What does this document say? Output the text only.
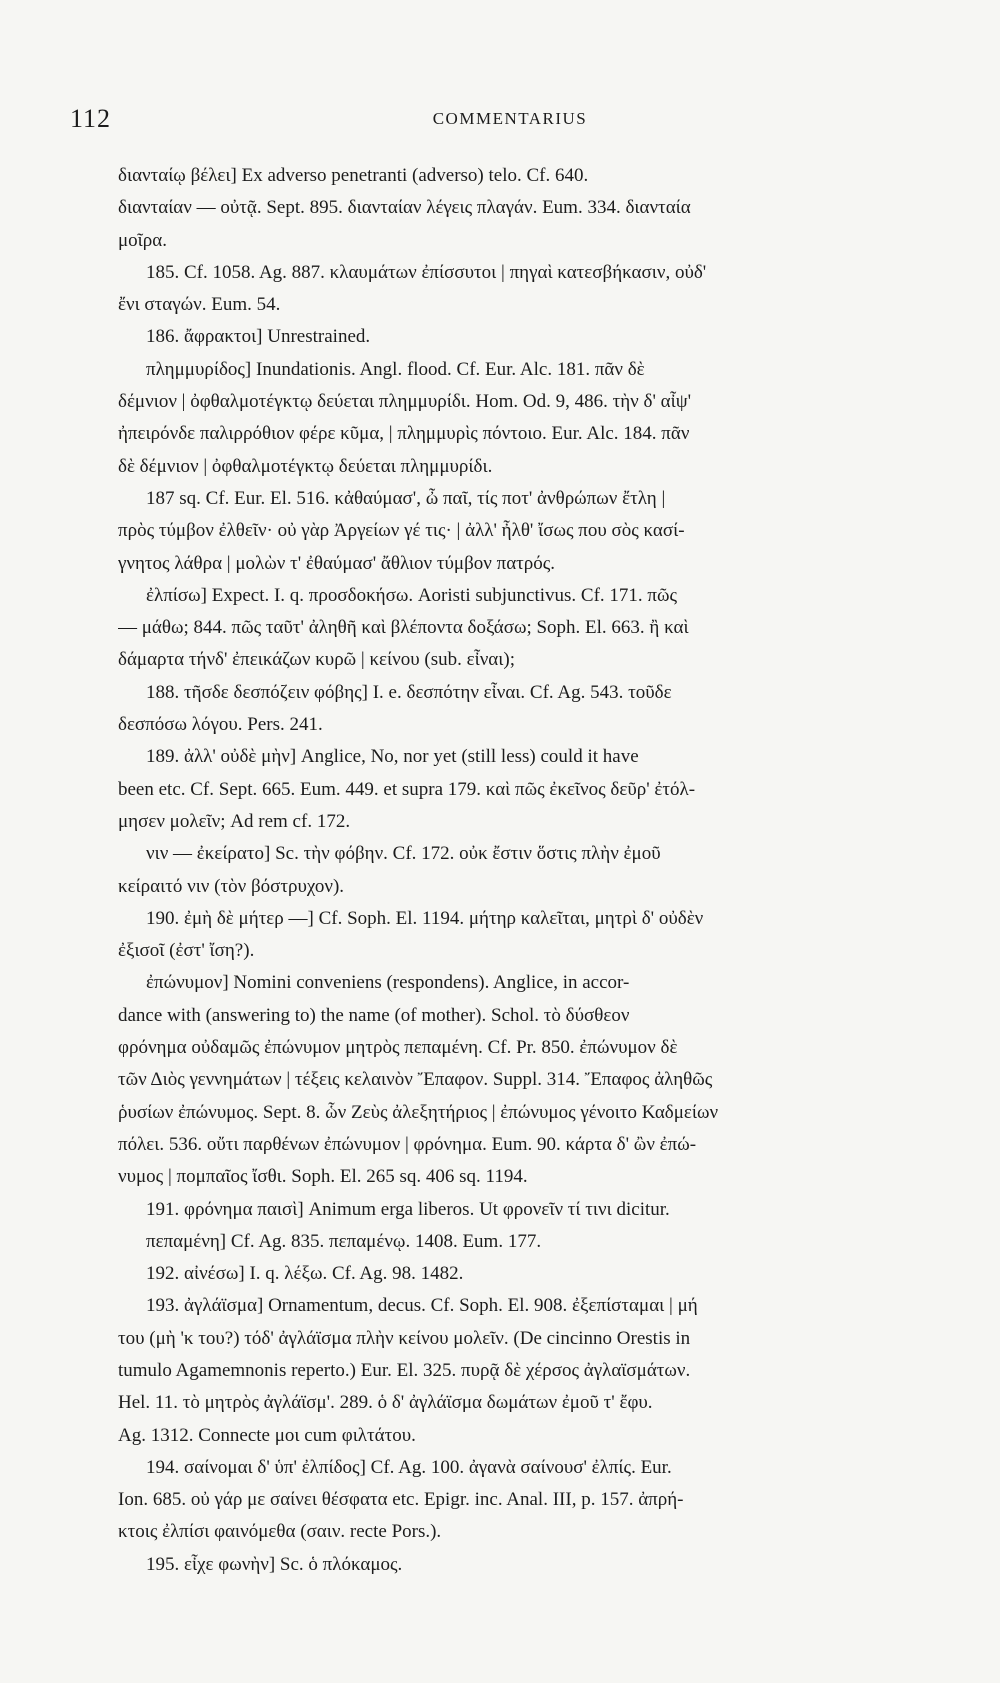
112	COMMENTARIUS
διανταίῳ βέλει] Ex adverso penetranti (adverso) telo. Cf. 640.
διανταίαν — οὐτᾷ. Sept. 895. διανταίαν λέγεις πλαγάν. Eum. 334. διανταία
μοῖρα.
185. Cf. 1058. Ag. 887. κλαυμάτων ἐπίσσυτοι | πηγαὶ κατεσβήκασιν, οὐδ'
ἔνι σταγών. Eum. 54.
186. ἄφρακτοι] Unrestrained.
πλημμυρίδος] Inundationis. Angl. flood. Cf. Eur. Alc. 181. πᾶν δὲ
δέμνιον | ὀφθαλμοτέγκτῳ δεύεται πλημμυρίδι. Hom. Od. 9, 486. τὴν δ' αἶψ'
ἠπειρόνδε παλιρρόθιον φέρε κῦμα, | πλημμυρὶς πόντοιο. Eur. Alc. 184. πᾶν
δὲ δέμνιον | ὀφθαλμοτέγκτῳ δεύεται πλημμυρίδι.
187 sq. Cf. Eur. El. 516. κἀθαύμασ', ὦ παῖ, τίς ποτ' ἀνθρώπων ἔτλη |
πρὸς τύμβον ἐλθεῖν· οὐ γὰρ Ἀργείων γέ τις· | ἀλλ' ἦλθ' ἴσως που σὸς κασί-
γνητος λάθρα | μολὼν τ' ἐθαύμασ' ἄθλιον τύμβον πατρός.
ἐλπίσω] Expect. I. q. προσδοκήσω. Aoristi subjunctivus. Cf. 171. πῶς
— μάθω; 844. πῶς ταῦτ' ἀληθῆ καὶ βλέποντα δοξάσω; Soph. El. 663. ἢ καὶ
δάμαρτα τήνδ' ἐπεικάζων κυρῶ | κείνου (sub. εἶναι);
188. τῆσδε δεσπόζειν φόβης] I. e. δεσπότην εἶναι. Cf. Ag. 543. τοῦδε
δεσπόσω λόγου. Pers. 241.
189. ἀλλ' οὐδὲ μὴν] Anglice, No, nor yet (still less) could it have
been etc. Cf. Sept. 665. Eum. 449. et supra 179. καὶ πῶς ἐκεῖνος δεῦρ' ἐτόλ-
μησεν μολεῖν; Ad rem cf. 172.
νιν — ἐκείρατο] Sc. τὴν φόβην. Cf. 172. οὐκ ἔστιν ὅστις πλὴν ἐμοῦ
κείραιτό νιν (τὸν βόστρυχον).
190. ἐμὴ δὲ μήτερ —] Cf. Soph. El. 1194. μήτηρ καλεῖται, μητρὶ δ' οὐδὲν
ἐξισοῖ (ἐστ' ἴση?).
ἐπώνυμον] Nomini conveniens (respondens). Anglice, in accor-
dance with (answering to) the name (of mother). Schol. τὸ δύσθεον
φρόνημα οὐδαμῶς ἐπώνυμον μητρὸς πεπαμένη. Cf. Pr. 850. ἐπώνυμον δὲ
τῶν Διὸς γεννημάτων | τέξεις κελαινὸν Ἔπαφον. Suppl. 314. Ἔπαφος ἀληθῶς
ῥυσίων ἐπώνυμος. Sept. 8. ὧν Ζεὺς ἀλεξητήριος | ἐπώνυμος γένοιτο Καδμείων
πόλει. 536. οὔτι παρθένων ἐπώνυμον | φρόνημα. Eum. 90. κάρτα δ' ὢν ἐπώ-
νυμος | πομπαῖος ἴσθι. Soph. El. 265 sq. 406 sq. 1194.
191. φρόνημα παισὶ] Animum erga liberos. Ut φρονεῖν τί τινι dicitur.
πεπαμένη] Cf. Ag. 835. πεπαμένῳ. 1408. Eum. 177.
192. αἰνέσω] I. q. λέξω. Cf. Ag. 98. 1482.
193. ἀγλάϊσμα] Ornamentum, decus. Cf. Soph. El. 908. ἐξεπίσταμαι | μή
του (μὴ 'κ του?) τόδ' ἀγλάϊσμα πλὴν κείνου μολεῖν. (De cincinno Orestis in
tumulo Agamemnonis reperto.) Eur. El. 325. πυρᾷ δὲ χέρσος ἀγλαϊσμάτων.
Hel. 11. τὸ μητρὸς ἀγλάϊσμ'. 289. ὁ δ' ἀγλάϊσμα δωμάτων ἐμοῦ τ' ἔφυ.
Ag. 1312. Connecte μοι cum φιλτάτου.
194. σαίνομαι δ' ὑπ' ἐλπίδος] Cf. Ag. 100. ἀγανὰ σαίνουσ' ἐλπίς. Eur.
Ion. 685. οὐ γάρ με σαίνει θέσφατα etc. Epigr. inc. Anal. III, p. 157. ἀπρή-
κτοις ἐλπίσι φαινόμεθα (σαιν. recte Pors.).
195. εἶχε φωνὴν] Sc. ὁ πλόκαμος.
